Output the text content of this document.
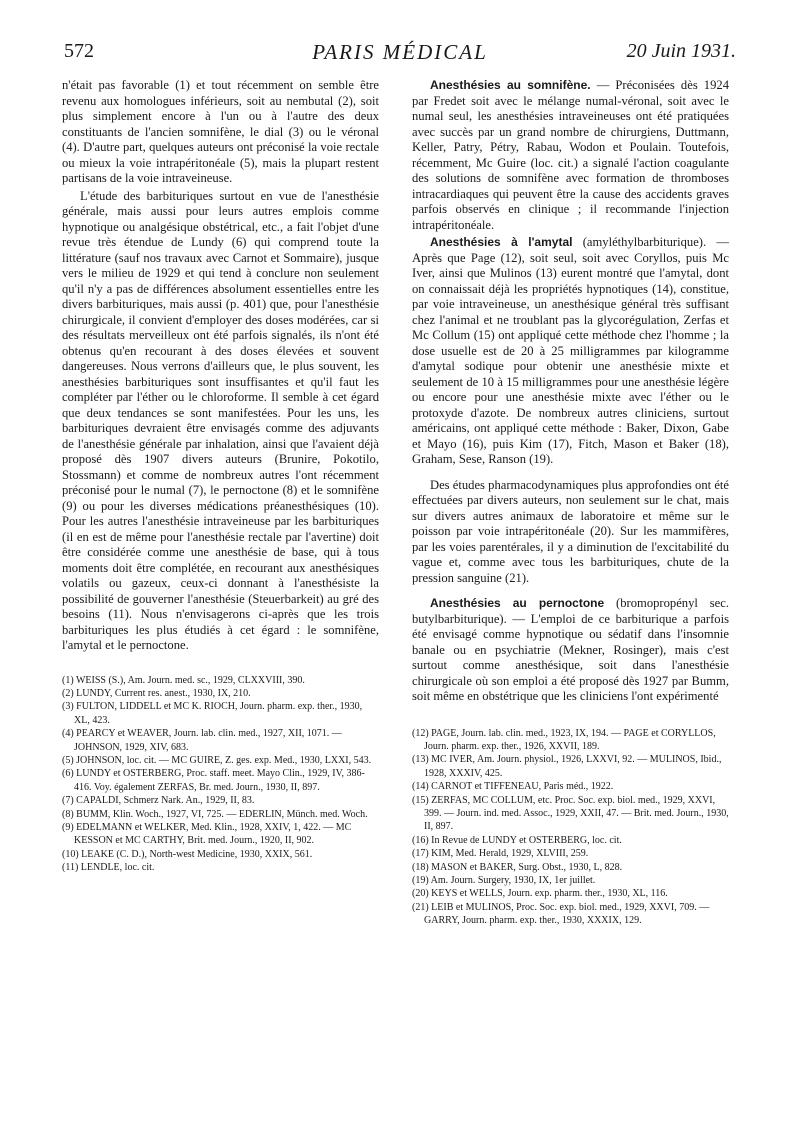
572	PARIS MÉDICAL	20 Juin 1931.

n'était pas favorable (1) et tout récemment on semble être revenu aux homologues inférieurs, soit au nembutal (2), soit plus simplement encore à l'un ou à l'autre des deux constituants de l'ancien somnifène, le dial (3) ou le véronal (4). D'autre part, quelques auteurs ont préconisé la voie rectale ou mieux la voie intrapéritonéale (5), mais la plupart restent partisans de la voie intraveineuse.

L'étude des barbituriques surtout en vue de l'anesthésie générale, mais aussi pour leurs autres emplois comme hypnotique ou analgésique obstétrical, etc., a fait l'objet d'une revue très étendue de Lundy (6) qui comprend toute la littérature (sauf nos travaux avec Carnot et Sommaire), jusque vers le milieu de 1929 et qui tend à conclure non seulement qu'il n'y a pas de différences absolument essentielles entre les divers barbituriques, mais aussi (p. 401) que, pour l'anesthésie chirurgicale, il convient d'employer des doses modérées, car si des résultats merveilleux ont été parfois signalés, ils n'ont été obtenus qu'en recourant à des doses élevées et souvent dangereuses. Nous verrons d'ailleurs que, le plus souvent, les anesthésies barbituriques sont insuffisantes et qu'il faut les compléter par l'éther ou le chloroforme. Il semble à cet égard que deux tendances se sont manifestées. Pour les uns, les barbituriques devraient être envisagés comme des adjuvants de l'anesthésie générale par inhalation, ainsi que l'avaient déjà proposé dès 1907 divers auteurs (Brunire, Pokotilo, Stossmann) et comme de nombreux autres l'ont récemment préconisé pour le numal (7), le pernoctone (8) et le somnifène (9) ou pour les diverses médications préanesthésiques (10). Pour les autres l'anesthésie intraveineuse par les barbituriques (il en est de même pour l'anesthésie rectale par l'avertine) doit être considérée comme une anesthésie de base, qui à tous moments doit être complétée, en recourant aux anesthésiques volatils ou gazeux, ceux-ci donnant à l'anesthésiste la possibilité de gouverner l'anesthésie (Steuerbarkeit) au gré des besoins (11). Nous n'envisagerons ci-après que les trois barbituriques les plus étudiés à cet égard : le somnifène, l'amytal et le pernoctone.

(1) WEISS (S.), Am. Journ. med. sc., 1929, CLXXVIII, 390.
(2) LUNDY, Current res. anest., 1930, IX, 210.
(3) FULTON, LIDDELL et MC K. RIOCH, Journ. pharm. exp. ther., 1930, XL, 423.
(4) PEARCY et WEAVER, Journ. lab. clin. med., 1927, XII, 1071. — JOHNSON, 1929, XIV, 683.
(5) JOHNSON, loc. cit. — MC GUIRE, Z. ges. exp. Med., 1930, LXXI, 543.
(6) LUNDY et OSTERBERG, Proc. staff. meet. Mayo Clin., 1929, IV, 386-416. Voy. également ZERFAS, Br. med. Journ., 1930, II, 897.
(7) CAPALDI, Schmerz Nark. An., 1929, II, 83.
(8) BUMM, Klin. Woch., 1927, VI, 725. — EDERLIN, Münch. med. Woch.
(9) EDELMANN et WELKER, Med. Klin., 1928, XXIV, 1, 422. — MC KESSON et MC CARTHY, Brit. med. Journ., 1920, II, 902.
(10) LEAKE (C. D.), North-west Medicine, 1930, XXIX, 561.
(11) LENDLE, loc. cit.

Anesthésies au somnifène. — Préconisées dès 1924 par Fredet soit avec le mélange numal-véronal, soit avec le numal seul, les anesthésies intraveineuses ont été pratiquées avec succès par un grand nombre de chirurgiens, Duttmann, Keller, Patry, Pétry, Rabau, Wodon et Poulain. Toutefois, récemment, Mc Guire (loc. cit.) a signalé l'action coagulante des solutions de somnifène avec formation de thromboses intracardiaques qui peuvent être la cause des accidents graves parfois observés en clinique ; il recommande l'injection intrapéritonéale.

Anesthésies à l'amytal (amyléthylbarbiturique). — Après que Page (12), soit seul, soit avec Coryllos, puis Mc Iver, ainsi que Mulinos (13) eurent montré que l'amytal, dont on connaissait déjà les propriétés hypnotiques (14), constitue, par voie intraveineuse, un anesthésique général très suffisant chez l'animal et ne troublant pas la glycorégulation, Zerfas et Mc Collum (15) ont appliqué cette méthode chez l'homme ; la dose usuelle est de 20 à 25 milligrammes par kilogramme d'amytal sodique pour obtenir une anesthésie mixte et seulement de 10 à 15 milligrammes pour une anesthésie légère ou encore pour une anesthésie mixte avec l'éther ou le protoxyde d'azote. De nombreux autres cliniciens, surtout américains, ont appliqué cette méthode : Baker, Dixon, Gabe et Mayo (16), puis Kim (17), Fitch, Mason et Baker (18), Graham, Sese, Ranson (19).

Des études pharmacodynamiques plus approfondies ont été effectuées par divers auteurs, non seulement sur le chat, mais sur divers autres animaux de laboratoire et même sur le poisson par voie intrapéritonéale (20). Sur les mammifères, par les voies parentérales, il y a diminution de l'excitabilité du vague et, comme avec tous les barbituriques, chute de la pression sanguine (21).

Anesthésies au pernoctone (bromopropényl sec. butylbarbiturique). — L'emploi de ce barbiturique a parfois été envisagé comme hypnotique ou sédatif dans l'insomnie banale ou en psychiatrie (Mekner, Rosinger), mais c'est surtout comme anesthésique, soit dans l'anesthésie chirurgicale où son emploi a été proposé dès 1927 par Bumm, soit même en obstétrique que les cliniciens l'ont expérimenté

(12) PAGE, Journ. lab. clin. med., 1923, IX, 194. — PAGE et CORYLLOS, Journ. pharm. exp. ther., 1926, XXVII, 189.
(13) MC IVER, Am. Journ. physiol., 1926, LXXVI, 92. — MULINOS, Ibid., 1928, XXXIV, 425.
(14) CARNOT et TIFFENEAU, Paris méd., 1922.
(15) ZERFAS, MC COLLUM, etc. Proc. Soc. exp. biol. med., 1929, XXVI, 399. — Journ. ind. med. Assoc., 1929, XXII, 47. — Brit. med. Journ., 1930, II, 897.
(16) In Revue de LUNDY et OSTERBERG, loc. cit.
(17) KIM, Med. Herald, 1929, XLVIII, 259.
(18) MASON et BAKER, Surg. Obst., 1930, L, 828.
(19) Am. Journ. Surgery, 1930, IX, 1er juillet.
(20) KEYS et WELLS, Journ. exp. pharm. ther., 1930, XL, 116.
(21) LEIB et MULINOS, Proc. Soc. exp. biol. med., 1929, XXVI, 709. — GARRY, Journ. pharm. exp. ther., 1930, XXXIX, 129.
